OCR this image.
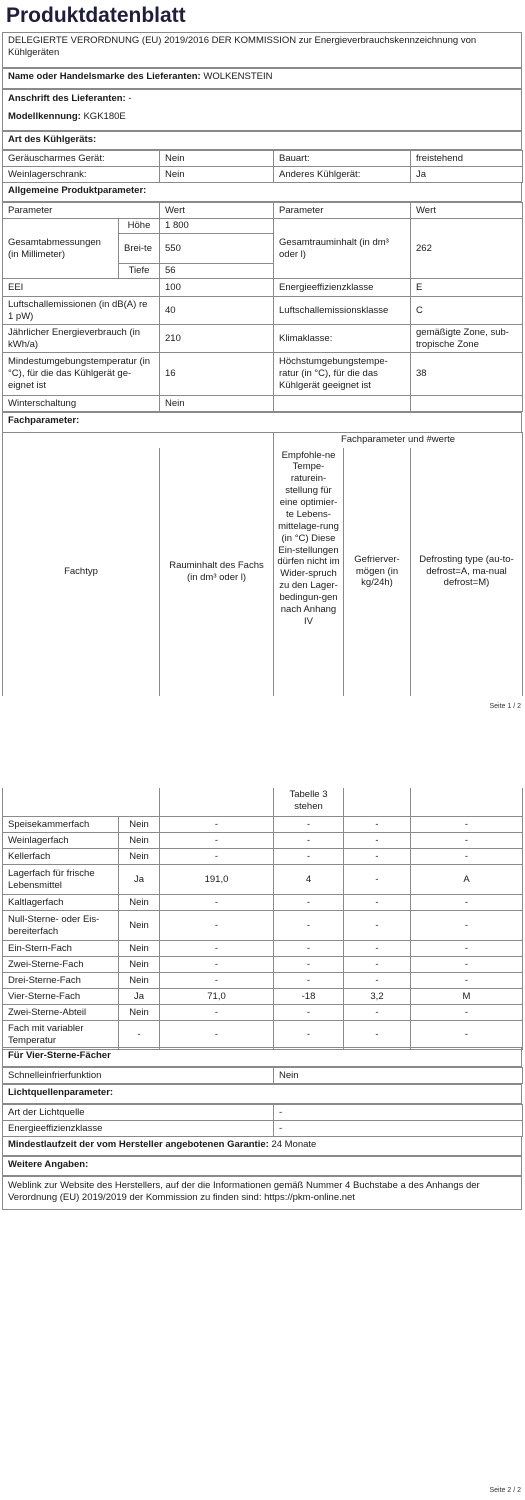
Produktdatenblatt
DELEGIERTE VERORDNUNG (EU) 2019/2016 DER KOMMISSION zur Energieverbrauchskennzeichnung von Kühlgeräten
Name oder Handelsmarke des Lieferanten: WOLKENSTEIN
Anschrift des Lieferanten: -
Modellkennung: KGK180E
Art des Kühlgeräts:
Geräuscharmes Gerät:	Nein	Bauart:	freistehend
Weinlagerschrank:	Nein	Anderes Kühlgerät:	Ja
Allgemeine Produktparameter:
Parameter		Wert	Parameter	Wert
Gesamtabmessungen (in Millimeter)	Höhe	1 800	Gesamtrauminhalt (in dm³ oder l)	262
	Brei-te	550		
	Tiefe	56		
EEI		100	Energieeffizienzklasse	E
Luftschallemissionen (in dB(A) re 1 pW)		40	Luftschallemissionsklasse	C
Jährlicher Energieverbrauch (in kWh/a)		210	Klimaklasse:	gemäßigte Zone, sub-tropische Zone
Mindestumgebungstemperatur (in °C), für die das Kühlgerät ge-eignet ist		16	Höchstumgebungstempe-ratur (in °C), für die das Kühlgerät geeignet ist	38
Winterschaltung		Nein		
Fachparameter:
		Fachparameter und #werte		
Fachtyp	Rauminhalt des Fachs (in dm³ oder l)	Empfohle-ne Tempe-raturein-stellung für eine optimier-te Lebens-mittelage-rung (in °C) Diese Ein-stellungen dürfen nicht im Wider-spruch zu den Lager-bedingun-gen nach Anhang IV	Gefrierver-mögen (in kg/24h)	Defrosting type (au-to-defrost=A, ma-nual defrost=M)
Seite 1 / 2
		Tabelle 3 stehen		
Speisekammerfach	Nein	-	-	-	-
Weinlagerfach	Nein	-	-	-	-
Kellerfach	Nein	-	-	-	-
Lagerfach für frische Lebensmittel	Ja	191,0	4	-	A
Kaltlagerfach	Nein	-	-	-	-
Null-Sterne- oder Eis-bereiterfach	Nein	-	-	-	-
Ein-Stern-Fach	Nein	-	-	-	-
Zwei-Sterne-Fach	Nein	-	-	-	-
Drei-Sterne-Fach	Nein	-	-	-	-
Vier-Sterne-Fach	Ja	71,0	-18	3,2	M
Zwei-Sterne-Abteil	Nein	-	-	-	-
Fach mit variabler Temperatur	-	-	-	-	-
Für Vier-Sterne-Fächer
Schnelleinfrierfunktion	Nein
Lichtquellenparameter:
Art der Lichtquelle	-
Energieeffizienzklasse	-
Mindestlaufzeit der vom Hersteller angebotenen Garantie: 24 Monate
Weitere Angaben:
Weblink zur Website des Herstellers, auf der die Informationen gemäß Nummer 4 Buchstabe a des Anhangs der Verordnung (EU) 2019/2019 der Kommission zu finden sind: https://pkm-online.net
Seite 2 / 2
